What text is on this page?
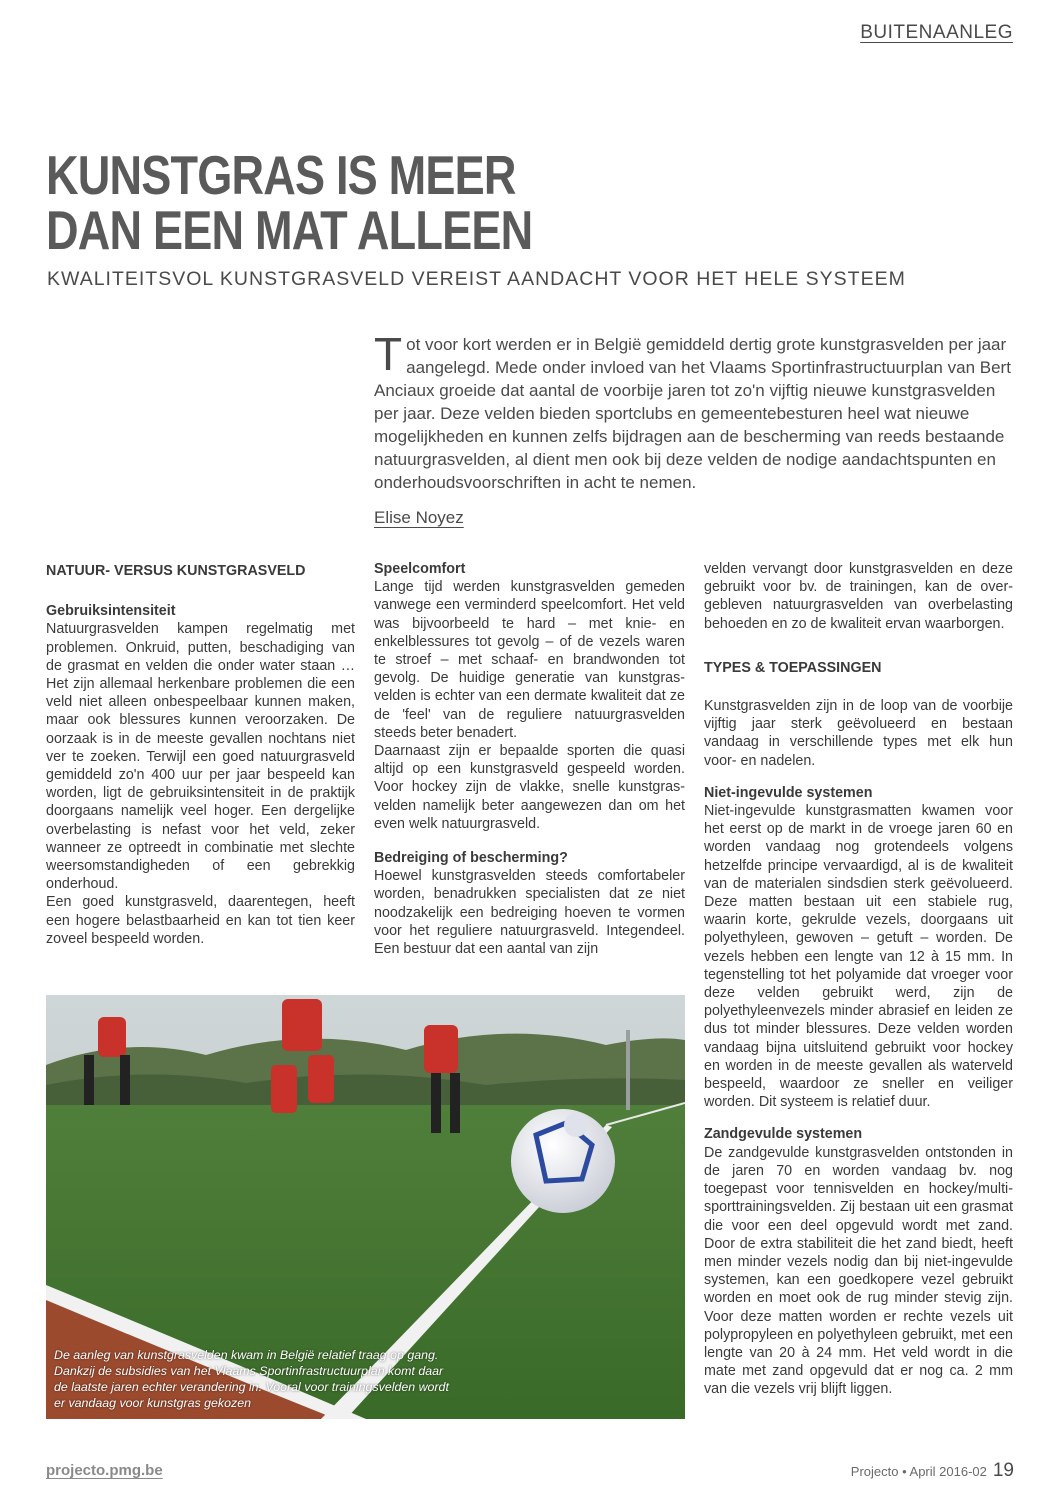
BUITENAANLEG
KUNSTGRAS IS MEER
DAN EEN MAT ALLEEN
KWALITEITSVOL KUNSTGRASVELD VEREIST AANDACHT VOOR HET HELE SYSTEEM
Tot voor kort werden er in België gemiddeld dertig grote kunstgrasvelden per jaar aangelegd. Mede onder invloed van het Vlaams Sportinfrastructuurplan van Bert Anciaux groeide dat aantal de voorbije jaren tot zo'n vijftig nieuwe kunstgrasvelden per jaar. Deze velden bieden sportclubs en gemeentebesturen heel wat nieuwe mogelijkheden en kunnen zelfs bijdragen aan de bescherming van reeds bestaande natuurgrasvelden, al dient men ook bij deze velden de nodige aandachtspunten en onderhoudsvoorschriften in acht te nemen.
Elise Noyez
NATUUR- VERSUS KUNSTGRASVELD
Gebruiksintensiteit

Natuurgrasvelden kampen regelmatig met problemen. Onkruid, putten, beschadiging van de grasmat en velden die onder water staan … Het zijn allemaal herkenbare problemen die een veld niet alleen onbespeelbaar kunnen maken, maar ook blessures kunnen veroorzaken. De oorzaak is in de meeste gevallen nochtans niet ver te zoeken. Terwijl een goed natuurgrasveld gemiddeld zo'n 400 uur per jaar bespeeld kan worden, ligt de gebruiksintensiteit in de praktijk doorgaans namelijk veel hoger. Een dergelijke overbelasting is nefast voor het veld, zeker wanneer ze optreedt in combinatie met slechte weersomstandigheden of een gebrekkig onderhoud.

Een goed kunstgrasveld, daarentegen, heeft een hogere belastbaarheid en kan tot tien keer zoveel bespeeld worden.

Speelcomfort

Lange tijd werden kunstgrasvelden gemeden vanwege een verminderd speelcomfort. Het veld was bijvoorbeeld te hard – met knie- en enkelblessures tot gevolg – of de vezels waren te stroef – met schaaf- en brandwonden tot gevolg. De huidige generatie van kunstgrasvelden is echter van een dermate kwaliteit dat ze de 'feel' van de reguliere natuurgrasvelden steeds beter benadert.

Daarnaast zijn er bepaalde sporten die quasi altijd op een kunstgrasveld gespeeld worden. Voor hockey zijn de vlakke, snelle kunstgrasvelden namelijk beter aangewezen dan om het even welk natuurgrasveld.

Bedreiging of bescherming?

Hoewel kunstgrasvelden steeds comfortabeler worden, benadrukken specialisten dat ze niet noodzakelijk een bedreiging hoeven te vormen voor het reguliere natuurgrasveld. Integendeel. Een bestuur dat een aantal van zijn

velden vervangt door kunstgrasvelden en deze gebruikt voor bv. de trainingen, kan de overgebleven natuurgrasvelden van overbelasting behoeden en zo de kwaliteit ervan waarborgen.

TYPES & TOEPASSINGEN

Kunstgrasvelden zijn in de loop van de voorbije vijftig jaar sterk geëvolueerd en bestaan vandaag in verschillende types met elk hun voor- en nadelen.

Niet-ingevulde systemen

Niet-ingevulde kunstgrasmatten kwamen voor het eerst op de markt in de vroege jaren 60 en worden vandaag nog grotendeels volgens hetzelfde principe vervaardigd, al is de kwaliteit van de materialen sindsdien sterk geëvolueerd. Deze matten bestaan uit een stabiele rug, waarin korte, gekrulde vezels, doorgaans uit polyethyleen, gewoven – getuft – worden. De vezels hebben een lengte van 12 à 15 mm. In tegenstelling tot het polyamide dat vroeger voor deze velden gebruikt werd, zijn de polyethyleenvezels minder abrasief en leiden ze dus tot minder blessures. Deze velden worden vandaag bijna uitsluitend gebruikt voor hockey en worden in de meeste gevallen als waterveld bespeeld, waardoor ze sneller en veiliger worden. Dit systeem is relatief duur.

Zandgevulde systemen

De zandgevulde kunstgrasvelden ontstonden in de jaren 70 en worden vandaag bv. nog toegepast voor tennisvelden en hockey/multisporttrainingsvelden. Zij bestaan uit een grasmat die voor een deel opgevuld wordt met zand. Door de extra stabiliteit die het zand biedt, heeft men minder vezels nodig dan bij niet-ingevulde systemen, kan een goedkopere vezel gebruikt worden en moet ook de rug minder stevig zijn. Voor deze matten worden er rechte vezels uit polypropyleen en polyethyleen gebruikt, met een lengte van 20 à 24 mm. Het veld wordt in die mate met zand opgevuld dat er nog ca. 2 mm van die vezels vrij blijft liggen.

De aanleg van kunstgrasvelden kwam in België relatief traag op gang. Dankzij de subsidies van het Vlaams Sportinfrastructuurplan komt daar de laatste jaren echter verandering in. Vooral voor trainingsvelden wordt er vandaag voor kunstgras gekozen
projecto.pmg.be	Projecto • April 2016-02 19
